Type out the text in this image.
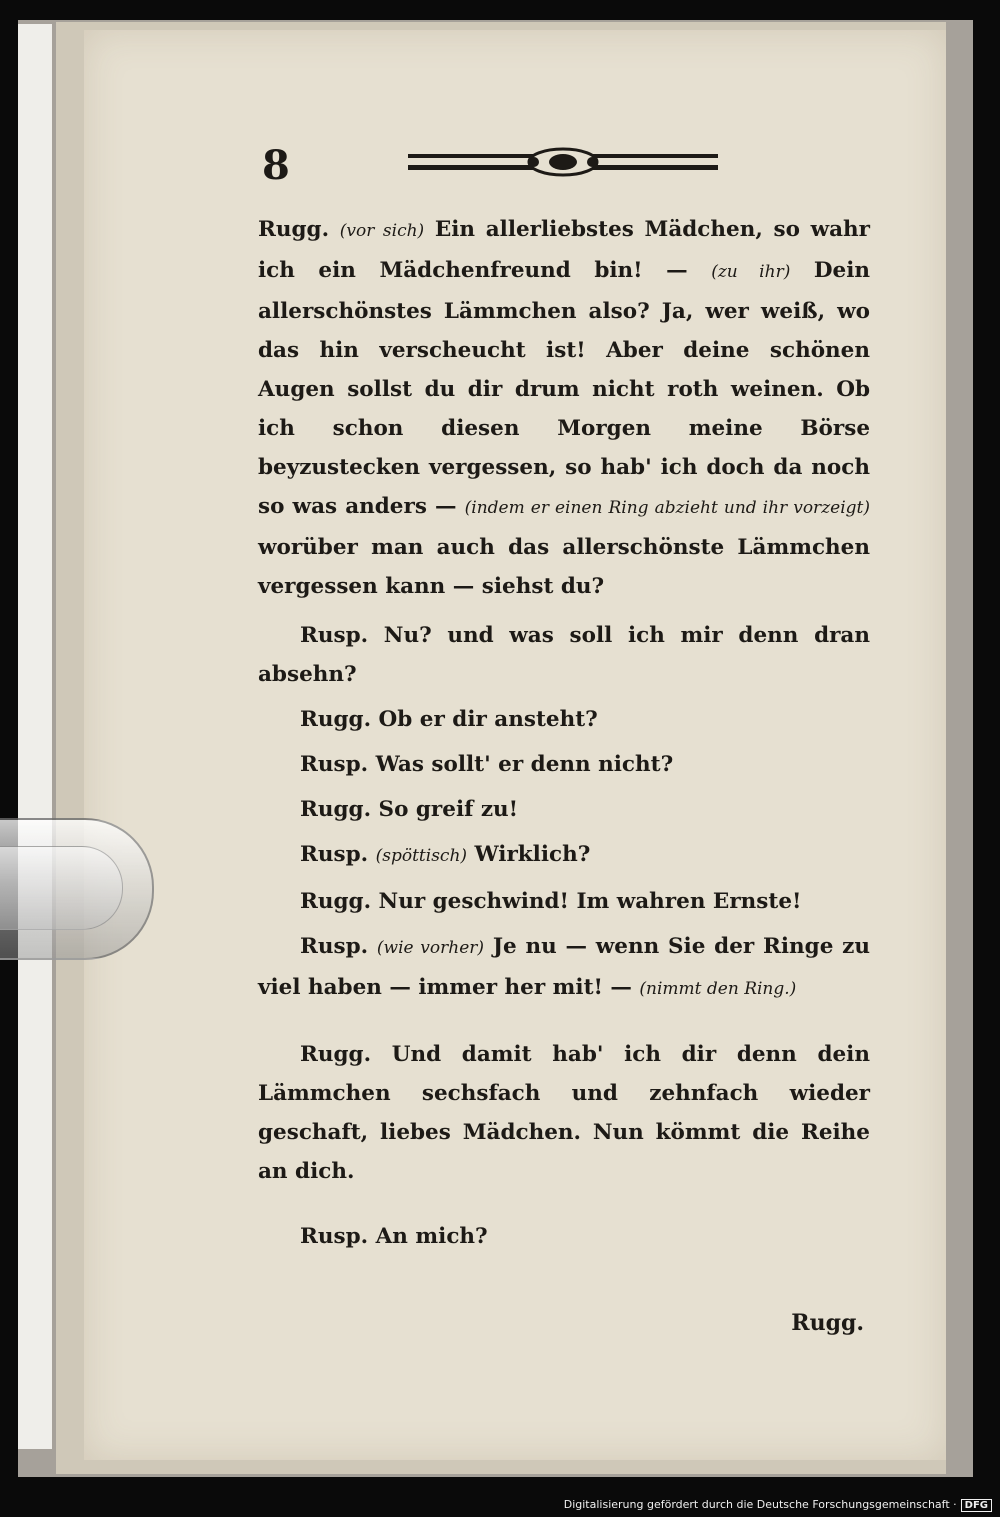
8

Rugg. (vor sich) Ein allerliebstes Mädchen, so wahr ich ein Mädchenfreund bin! — (zu ihr) Dein allerschönstes Lämmchen also? Ja, wer weiß, wo das hin verscheucht ist! Aber deine schönen Augen sollst du dir drum nicht roth weinen. Ob ich schon diesen Morgen meine Börse beyzustecken vergessen, so hab' ich doch da noch so was anders — (indem er einen Ring abzieht und ihr vorzeigt) worüber man auch das allerschönste Lämmchen vergessen kann — siehst du?

Rusp. Nu? und was soll ich mir denn dran absehn?

Rugg. Ob er dir ansteht?

Rusp. Was sollt' er denn nicht?

Rugg. So greif zu!

Rusp. (spöttisch) Wirklich?

Rugg. Nur geschwind! Im wahren Ernste!

Rusp. (wie vorher) Je nu — wenn Sie der Ringe zu viel haben — immer her mit! — (nimmt den Ring.)

Rugg. Und damit hab' ich dir denn dein Lämmchen sechsfach und zehnfach wieder geschaft, liebes Mädchen. Nun kömmt die Reihe an dich.

Rusp. An mich?

Rugg.

Digitalisierung gefördert durch die Deutsche Forschungsgemeinschaft · DFG
